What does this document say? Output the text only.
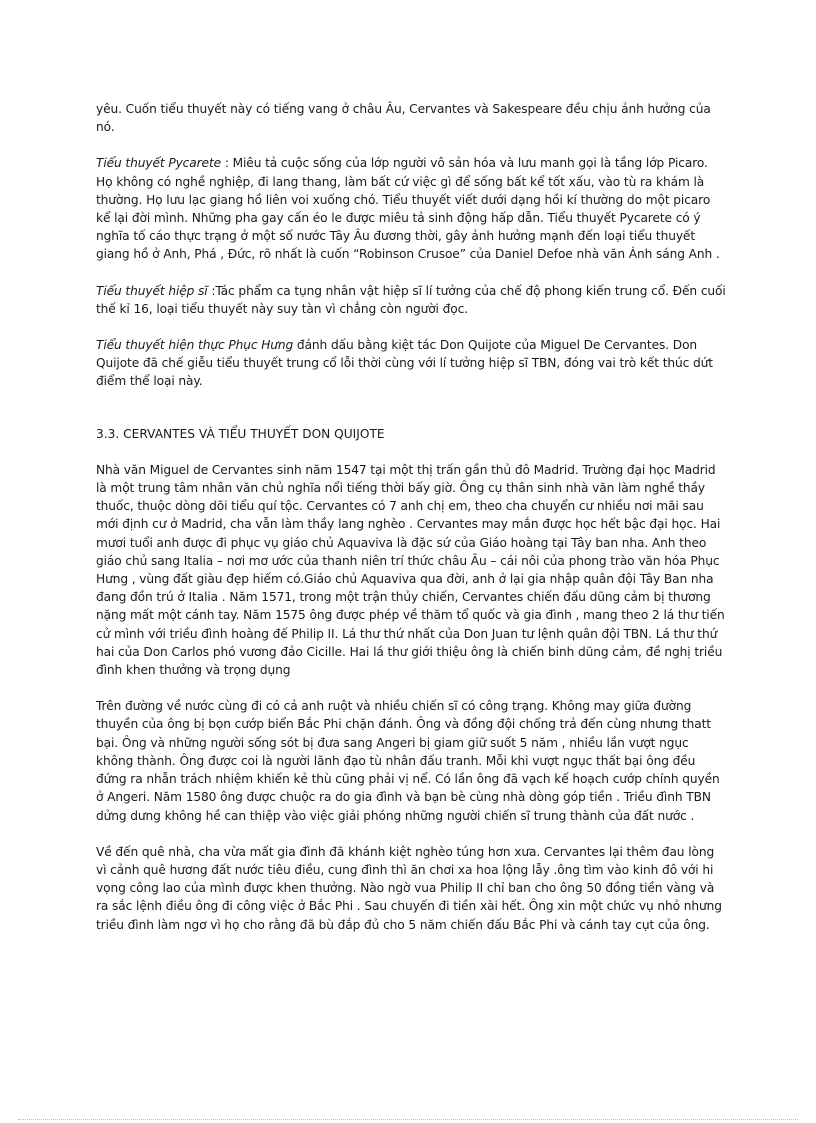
yêu. Cuốn tiểu thuyết này có tiếng vang ở châu Âu, Cervantes và Sakespeare đều chịu ảnh hưởng của nó.

Tiểu thuyết Pycarete : Miêu tả cuộc sống của lớp người vô sản hóa và lưu manh gọi là tầng lớp Picaro. Họ không có nghề nghiệp, đi lang thang, làm bất cứ việc gì để sống bất kể tốt xấu, vào tù ra khám là thường. Họ lưu lạc giang hồ liên voi xuống chó. Tiểu thuyết viết dưới dạng hồi kí thường do một picaro kể lại đời mình. Những pha gay cấn éo le được miêu tả sinh động hấp dẫn. Tiểu thuyết Pycarete có ý nghĩa tố cáo thực trạng ở một số nước Tây Âu đương thời, gây ảnh hưởng mạnh đến loại tiểu thuyết giang hồ ở Anh, Phá , Đức, rõ nhất là cuốn “Robinson Crusoe” của Daniel Defoe nhà văn Ánh sáng Anh .

Tiểu thuyết hiệp sĩ :Tác phẩm ca tụng nhân vật hiệp sĩ lí tưởng của chế độ phong kiến trung cổ. Đến cuối thế kỉ 16, loại tiểu thuyết này suy tàn vì chẳng còn người đọc.

Tiểu thuyết hiện thực Phục Hưng đánh dấu bằng kiệt tác Don Quijote của Miguel De Cervantes. Don Quijote đã chế giễu tiểu thuyết trung cổ lỗi thời cùng với lí tưởng hiệp sĩ TBN, đóng vai trò kết thúc dứt điểm thể loại này.

3.3. CERVANTES VÀ TIỂU THUYẾT DON QUIJOTE

Nhà văn Miguel de Cervantes sinh năm 1547 tại một thị trấn gần thủ đô Madrid. Trường đại học Madrid là một trung tâm nhân văn chủ nghĩa nổi tiếng thời bấy giờ. Ông cụ thân sinh nhà văn làm nghề thầy thuốc, thuộc dòng dõi tiểu quí tộc. Cervantes có 7 anh chị em, theo cha chuyển cư nhiều nơi mãi sau mới định cư ở Madrid, cha vẫn làm thầy lang nghèo . Cervantes may mắn được học hết bậc đại học. Hai mươi tuổi anh được đi phục vụ giáo chủ Aquaviva là đặc sứ của Giáo hoàng tại Tây ban nha. Anh theo giáo chủ sang Italia – nơi mơ ước của thanh niên trí thức châu Âu – cái nôi của phong trào văn hóa Phục Hưng , vùng đất giàu đẹp hiếm có.Giáo chủ Aquaviva qua đời, anh ở lại gia nhập quân đội Tây Ban nha đang đồn trú ở Italia . Năm 1571, trong một trận thủy chiến, Cervantes chiến đấu dũng cảm bị thương nặng mất một cánh tay. Năm 1575 ông được phép về thăm tổ quốc và gia đình , mang theo 2 lá thư tiến cử mình với triều đình hoàng đế Philip II. Lá thư thứ nhất của Don Juan tư lệnh quân đội TBN. Lá thư thứ hai của Don Carlos phó vương đảo Cicille. Hai lá thư giới thiệu ông là chiến binh dũng cảm, đề nghị triều đình khen thưởng và trọng dụng

Trên đường về nước cùng đi có cả anh ruột và nhiều chiến sĩ có công trạng. Không may giữa đường thuyền của ông bị bọn cướp biển Bắc Phi chặn đánh. Ông và đồng đội chống trả đến cùng nhưng thatt bại. Ông và những người sống sót bị đưa sang Angeri bị giam giữ suốt 5 năm , nhiều lần vượt ngục không thành. Ông được coi là người lãnh đạo tù nhân đấu tranh. Mỗi khi vượt ngục thất bại ông đều đứng ra nhẫn trách nhiệm khiến kẻ thù cũng phải vị nể. Có lần ông đã vạch kế hoạch cướp chính quyền ở Angeri. Năm 1580 ông được chuộc ra do gia đình và bạn bè cùng nhà dòng góp tiền . Triều đình TBN dửng dưng không hề can thiệp vào việc giải phóng những người chiến sĩ trung thành của đất nước .

Về đến quê nhà, cha vừa mất gia đình đã khánh kiệt nghèo túng hơn xưa. Cervantes lại thêm đau lòng vì cảnh quê hương đất nước tiêu điều, cung đình thì ăn chơi xa hoa lộng lẫy .ông tìm vào kinh đô với hi vọng công lao của mình được khen thưởng. Nào ngờ vua Philip II chỉ ban cho ông 50 đồng tiền vàng và ra sắc lệnh điều ông đi công việc ở Bắc Phi . Sau chuyến đi tiền xài hết. Ông xin một chức vụ nhỏ nhưng triều đình làm ngơ vì họ cho rằng đã bù đắp đủ cho 5 năm chiến đấu Bắc Phi và cánh tay cụt của ông.
